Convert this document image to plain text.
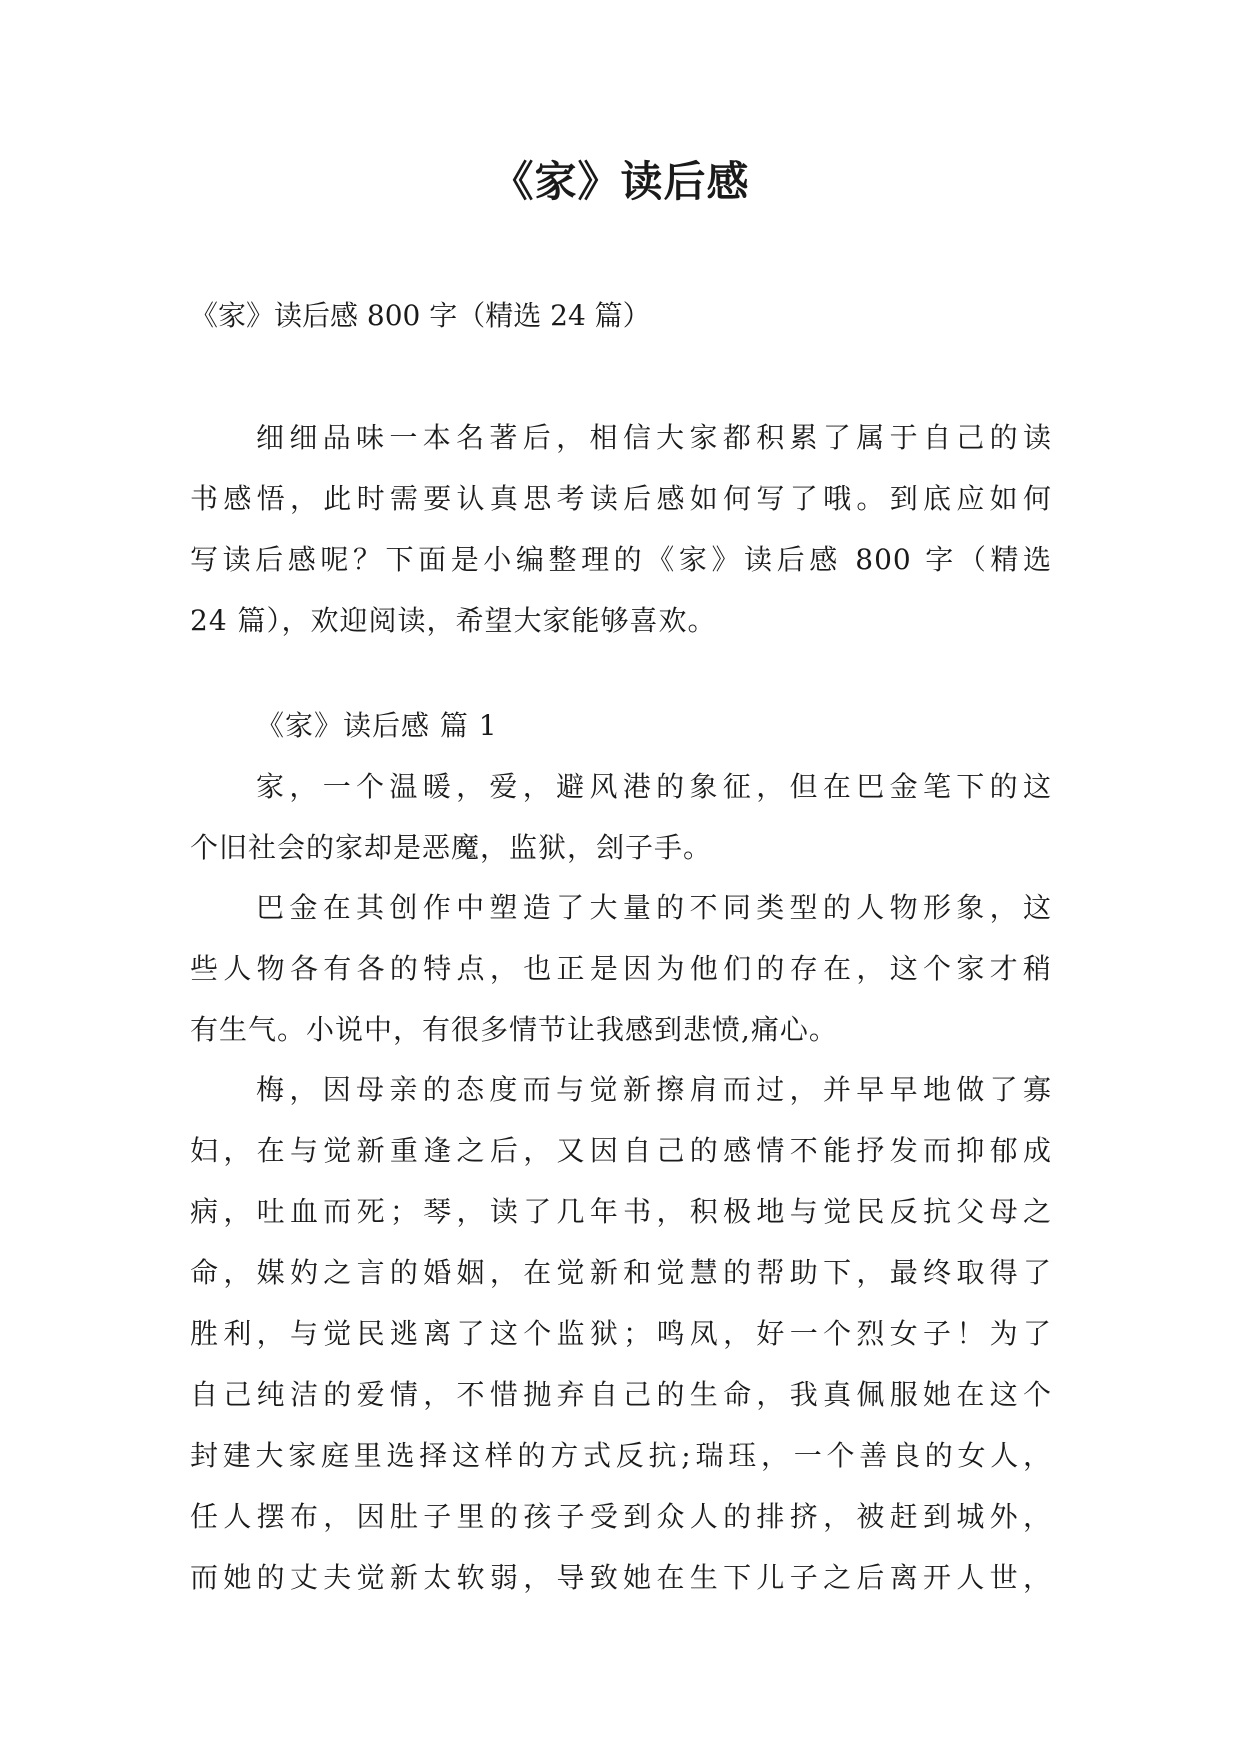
《家》读后感
《家》读后感 800 字（精选 24 篇）
细细品味一本名著后，相信大家都积累了属于自己的读
书感悟，此时需要认真思考读后感如何写了哦。到底应如何
写读后感呢？下面是小编整理的《家》读后感 800 字（精选
24 篇），欢迎阅读，希望大家能够喜欢。
《家》读后感 篇 1
家，一个温暖，爱，避风港的象征，但在巴金笔下的这
个旧社会的家却是恶魔，监狱，刽子手。
巴金在其创作中塑造了大量的不同类型的人物形象，这
些人物各有各的特点，也正是因为他们的存在，这个家才稍
有生气。小说中，有很多情节让我感到悲愤,痛心。
梅，因母亲的态度而与觉新擦肩而过，并早早地做了寡
妇，在与觉新重逢之后，又因自己的感情不能抒发而抑郁成
病，吐血而死；琴，读了几年书，积极地与觉民反抗父母之
命，媒妁之言的婚姻，在觉新和觉慧的帮助下，最终取得了
胜利，与觉民逃离了这个监狱；鸣凤，好一个烈女子！为了
自己纯洁的爱情，不惜抛弃自己的生命，我真佩服她在这个
封建大家庭里选择这样的方式反抗;瑞珏，一个善良的女人，
任人摆布，因肚子里的孩子受到众人的排挤，被赶到城外，
而她的丈夫觉新太软弱，导致她在生下儿子之后离开人世，
